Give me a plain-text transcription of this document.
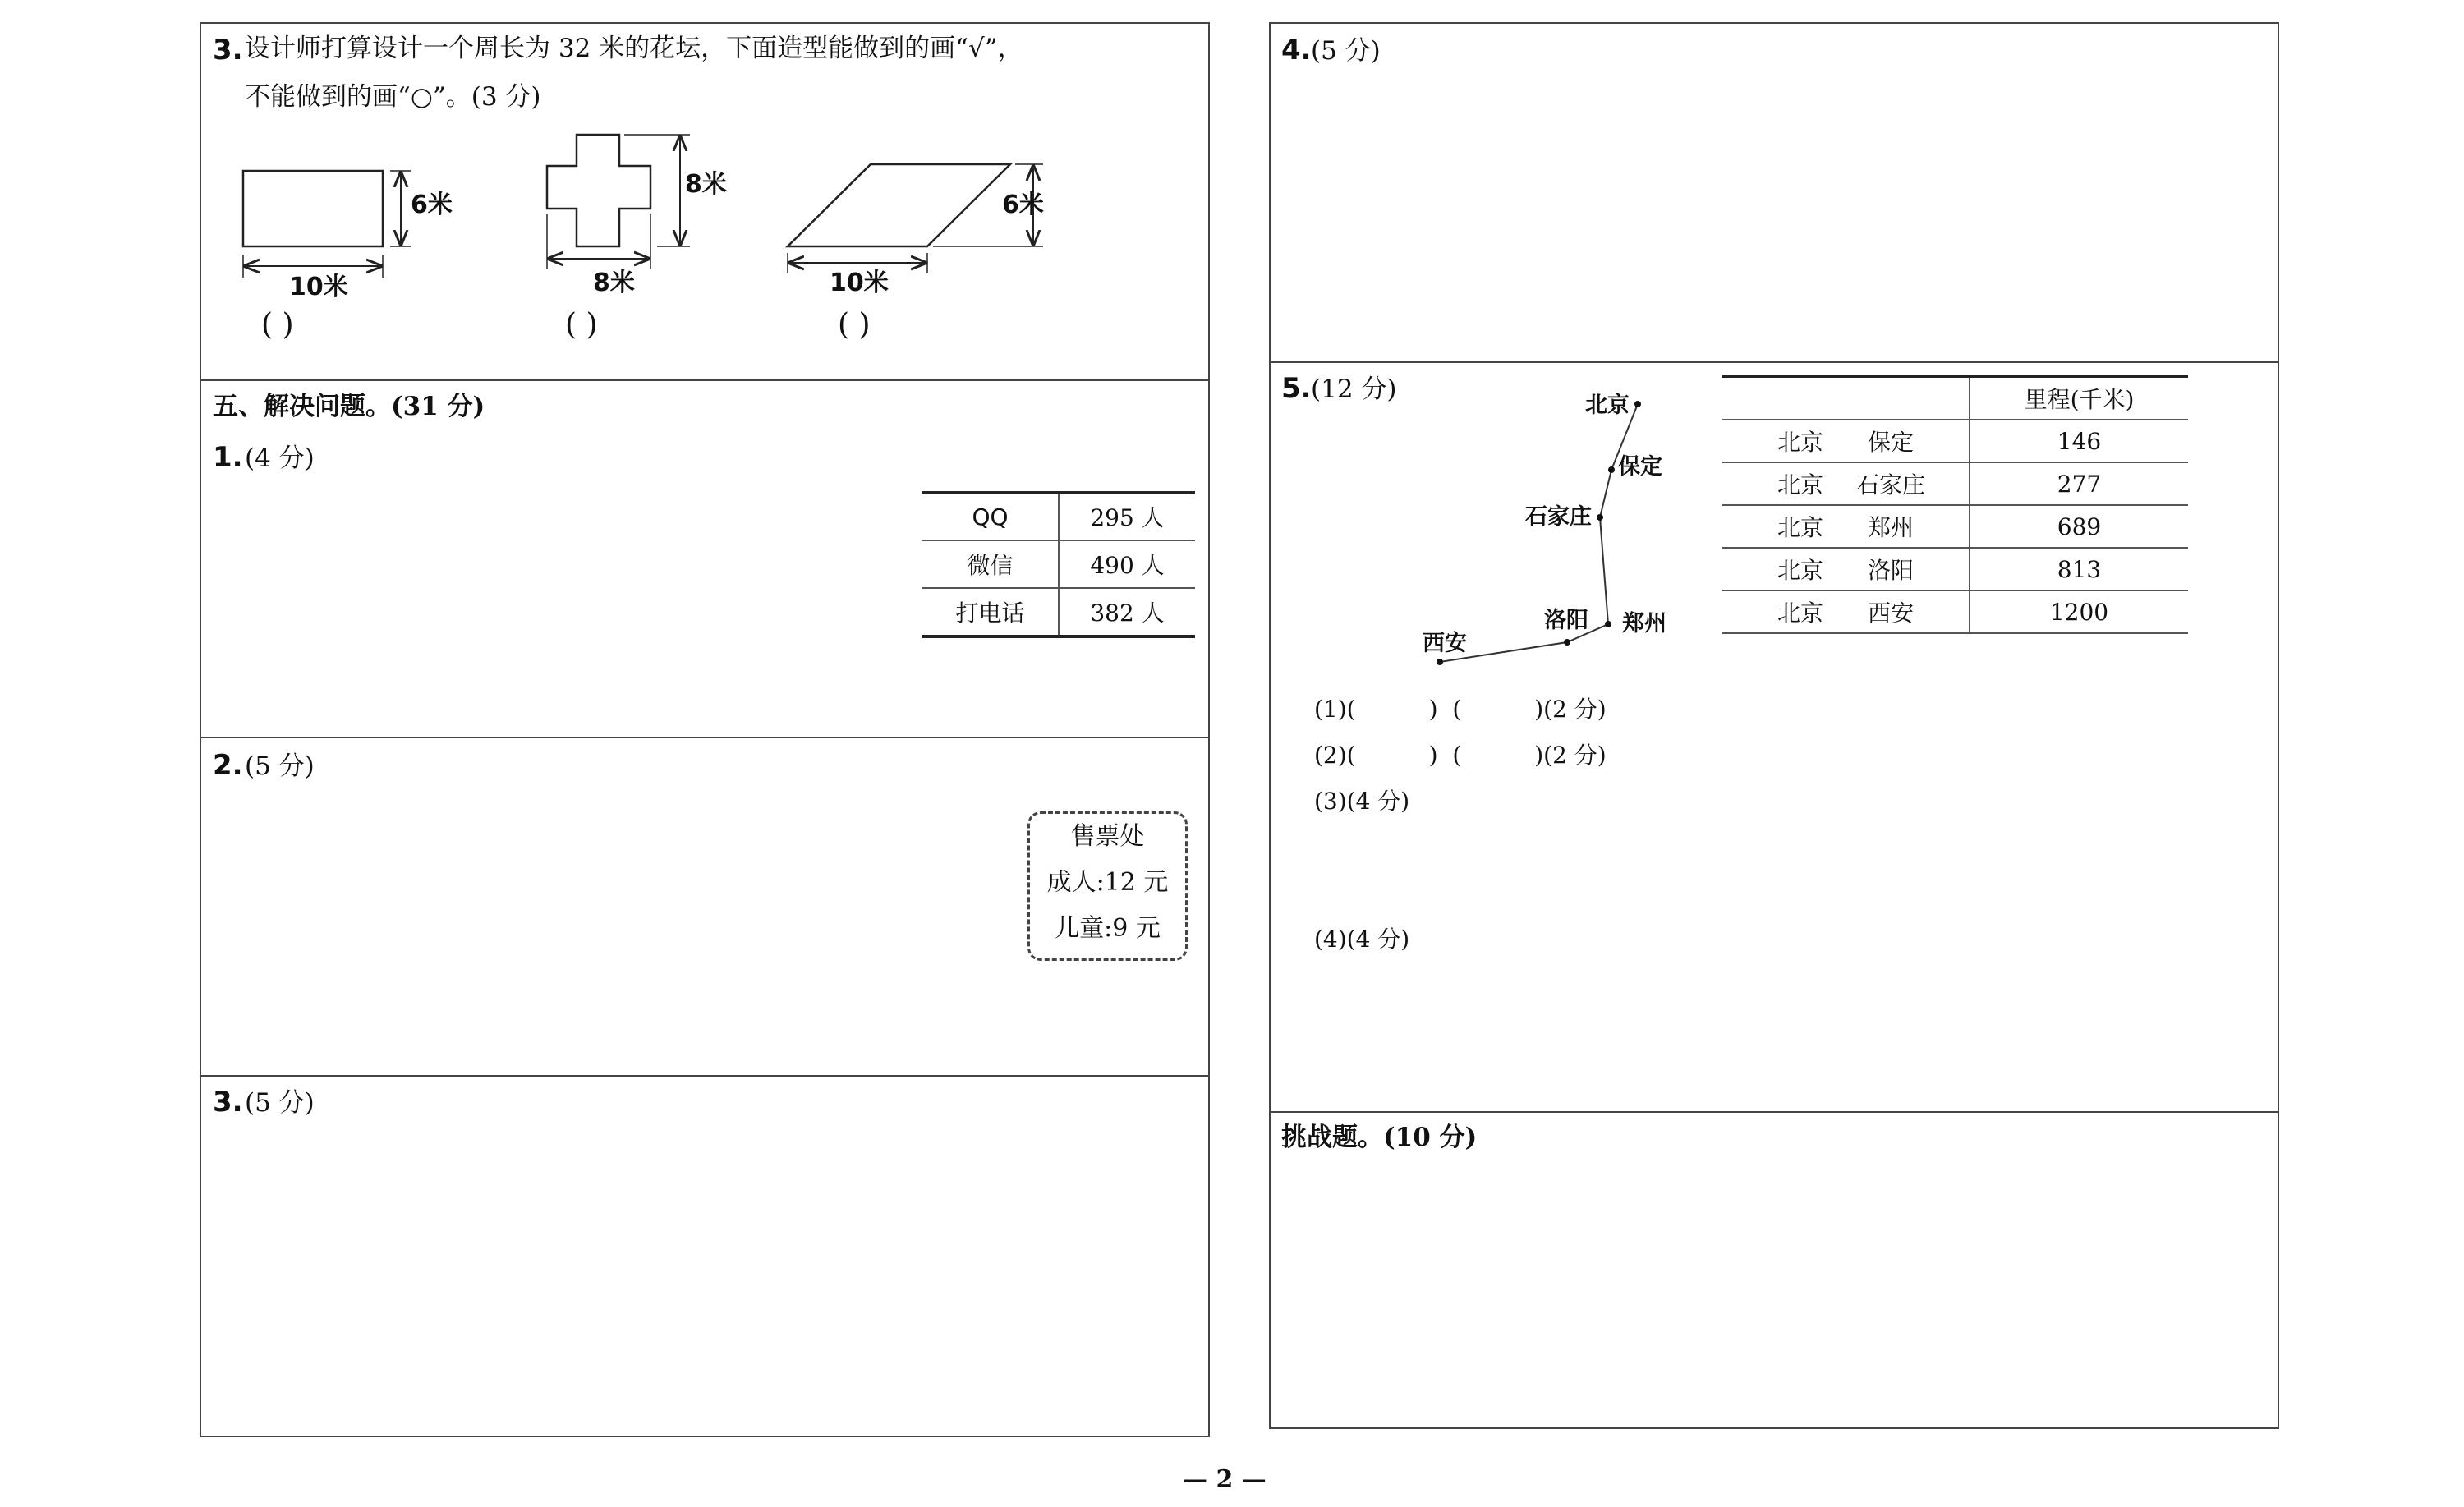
3. 设计师打算设计一个周长为 32 米的花坛，下面造型能做到的画“√”，
不能做到的画“○”。(3 分)
6米
10米
( )
8米
8米
( )
6米
10米
( )
五、解决问题。(31 分)
1. (4 分)
QQ	295 人
微信	490 人
打电话	382 人
2. (5 分)
售票处
成人:12 元
儿童:9 元
3. (5 分)
4. (5 分)
5. (12 分)
北京
保定
石家庄
洛阳 郑州
西安
	里程(千米)
北京 保定	146
北京 石家庄	277
北京 郑州	689
北京 洛阳	813
北京 西安	1200
(1)(          )  (          )(2 分)
(2)(          )  (          )(2 分)
(3)(4 分)
(4)(4 分)
挑战题。(10 分)
— 2 —
